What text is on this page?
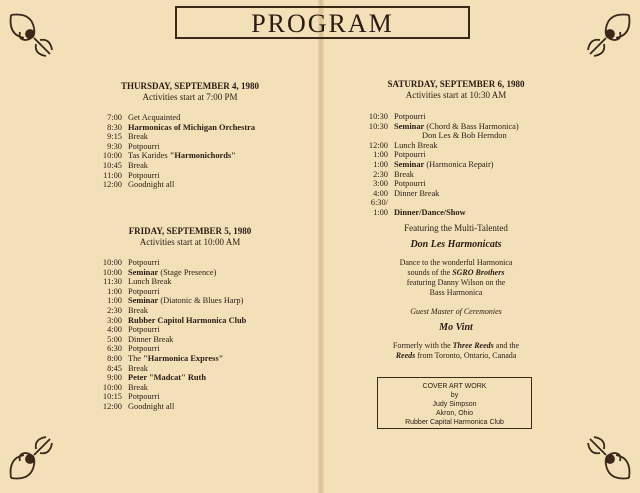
PROGRAM
THURSDAY, SEPTEMBER 4, 1980
Activities start at 7:00 PM
7:00 Get Acquainted
8:30 Harmonicas of Michigan Orchestra
9:15 Break
9:30 Potpourri
10:00 Tas Karides "Harmonichords"
10:45 Break
11:00 Potpourri
12:00 Goodnight all
FRIDAY, SEPTEMBER 5, 1980
Activities start at 10:00 AM
10:00 Potpourri
10:00 Seminar (Stage Presence)
11:30 Lunch Break
1:00 Potpourri
1:00 Seminar (Diatonic & Blues Harp)
2:30 Break
3:00 Rubber Capitol Harmonica Club
4:00 Potpourri
5:00 Dinner Break
6:30 Potpourri
8:00 The "Harmonica Express"
8:45 Break
9:00 Peter "Madcat" Ruth
10:00 Break
10:15 Potpourri
12:00 Goodnight all
SATURDAY, SEPTEMBER 6, 1980
Activities start at 10:30 AM
10:30 Potpourri
10:30 Seminar (Chord & Bass Harmonica)
Don Les & Bob Herndon
12:00 Lunch Break
1:00 Potpourri
1:00 Seminar (Harmonica Repair)
2:30 Break
3:00 Potpourri
4:00 Dinner Break
6:30/
1:00 Dinner/Dance/Show
Featuring the Multi-Talented
Don Les Harmonicats
Dance to the wonderful Harmonica
sounds of the SGRO Brothers
featuring Danny Wilson on the
Bass Harmonica
Guest Master of Ceremonies
Mo Vint
Formerly with the Three Reeds and the
Reeds from Toronto, Ontario, Canada
COVER ART WORK
by
Judy Simpson
Akron, Ohio
Rubber Capital Harmonica Club
